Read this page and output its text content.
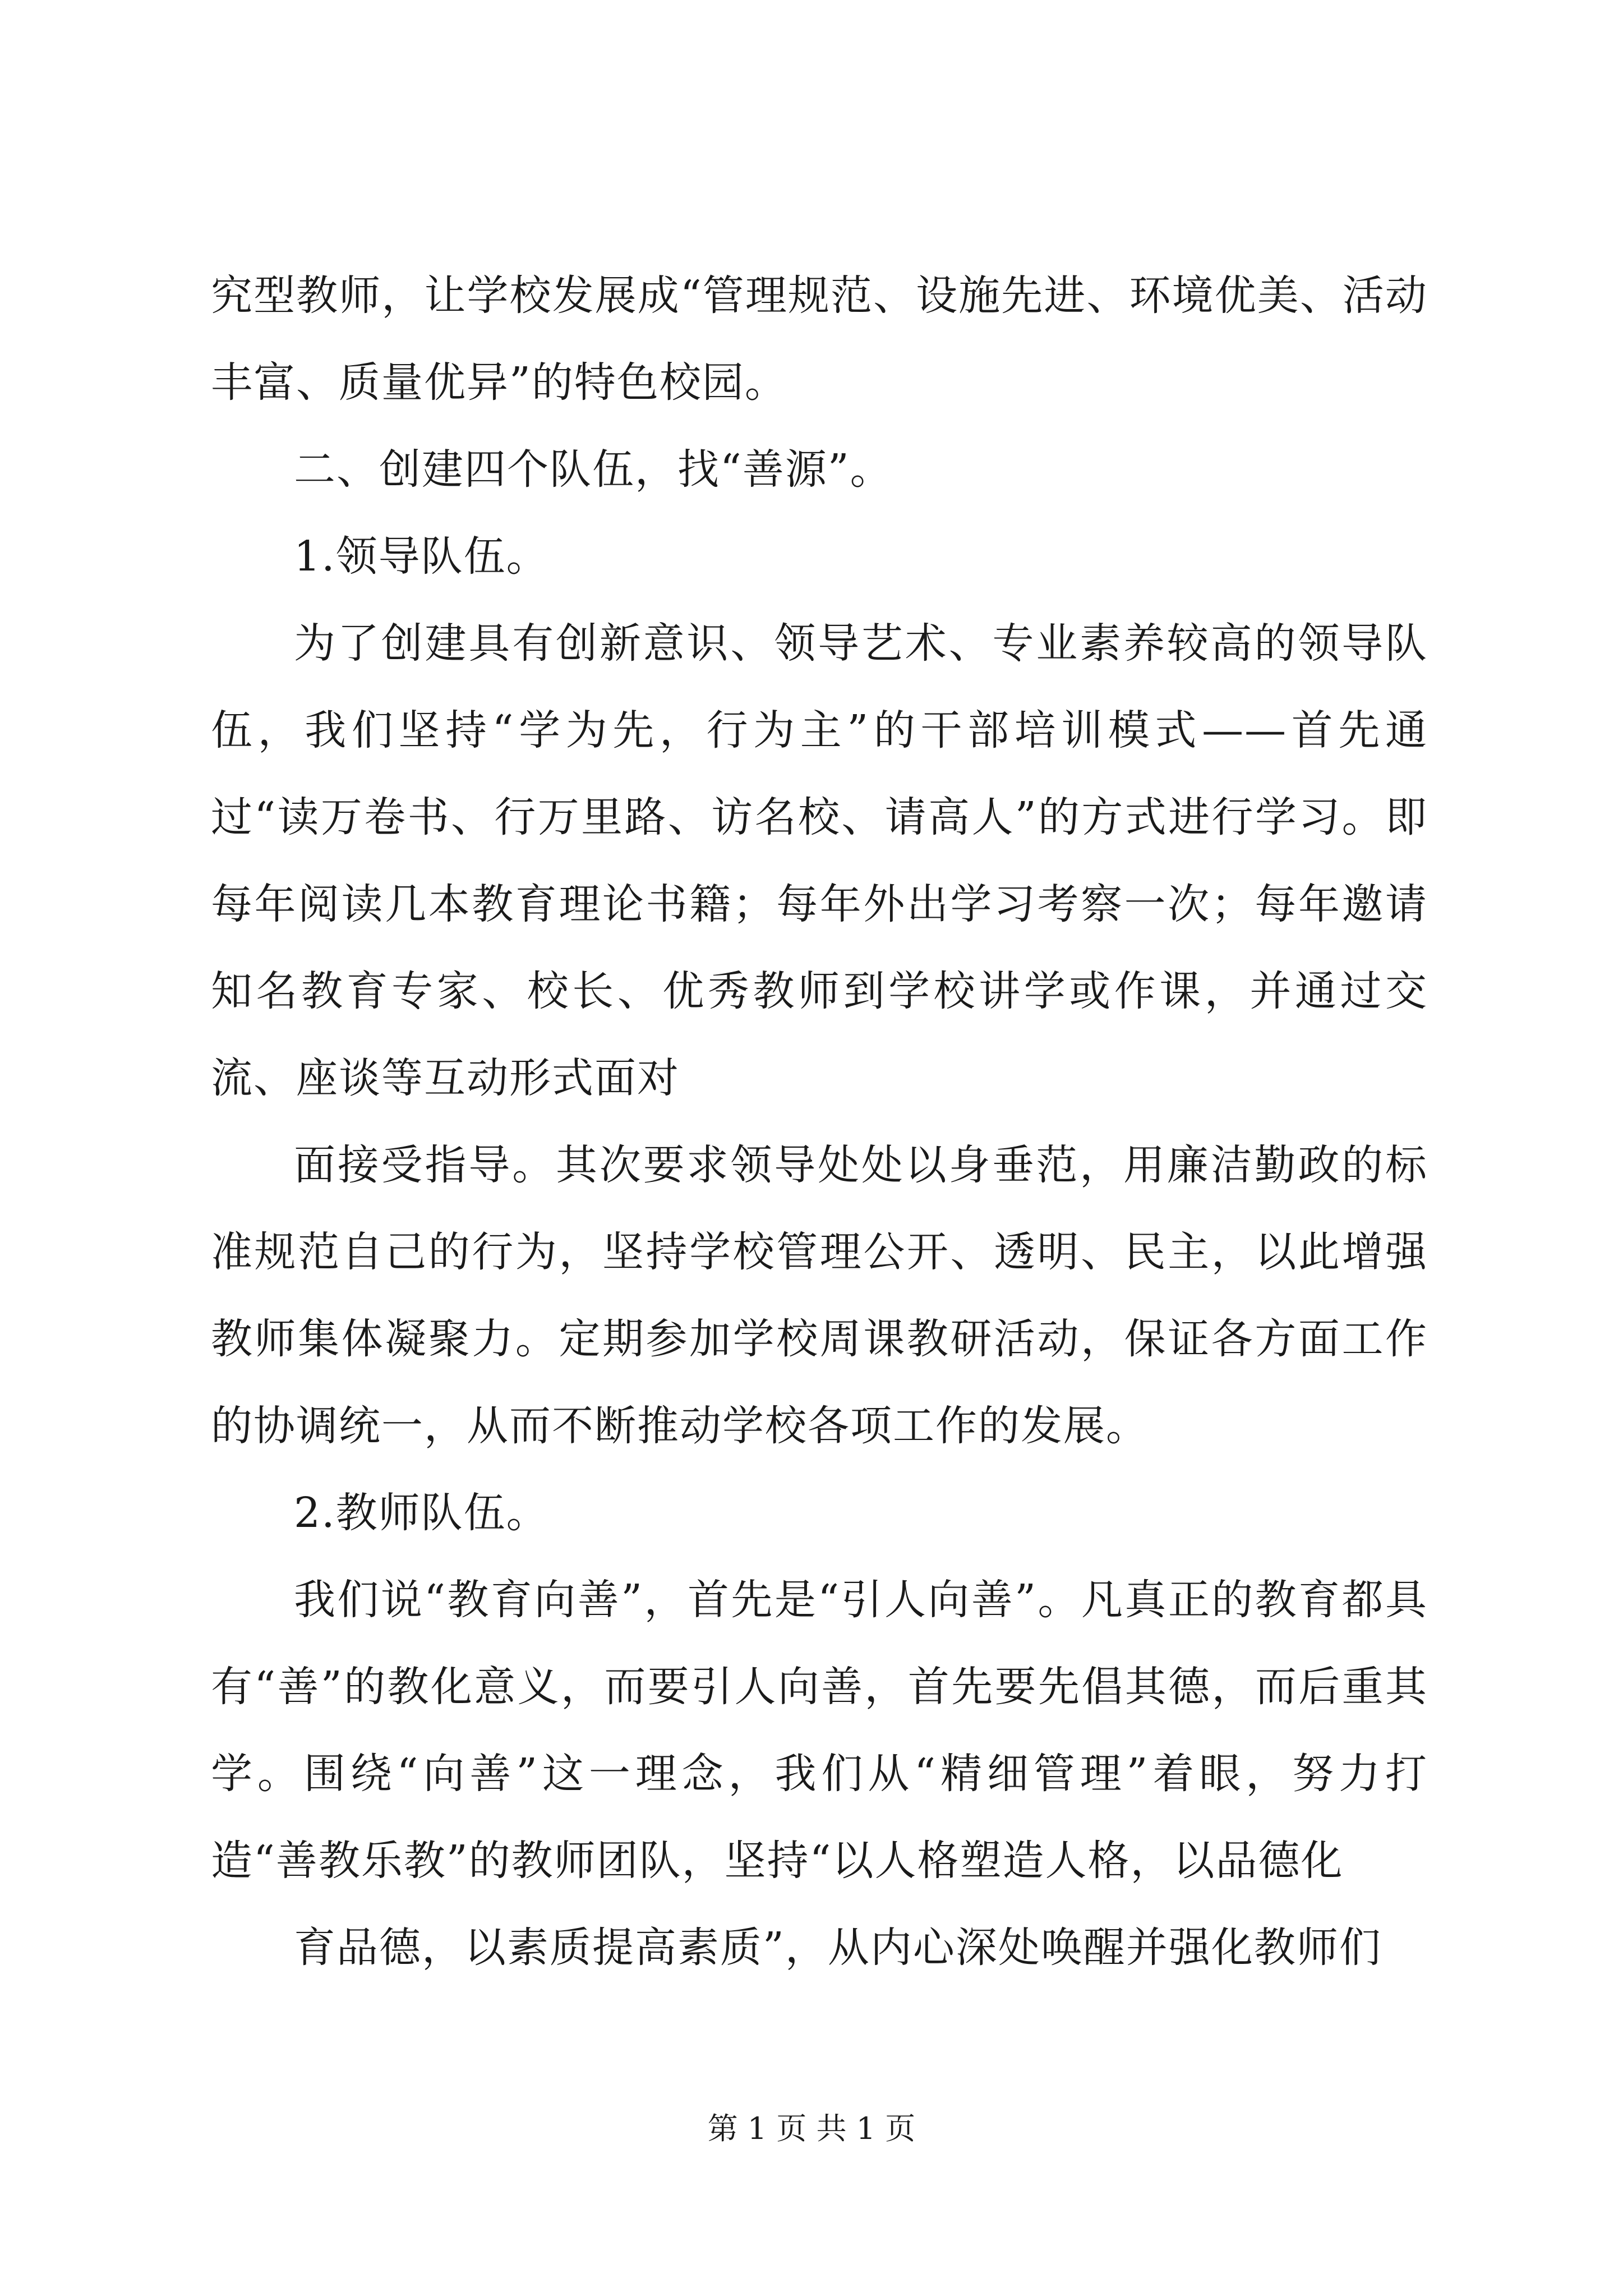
究型教师，让学校发展成“管理规范、设施先进、环境优美、活动丰富、质量优异”的特色校园。

二、创建四个队伍，找“善源”。

1.领导队伍。

为了创建具有创新意识、领导艺术、专业素养较高的领导队伍，我们坚持“学为先，行为主”的干部培训模式——首先通过“读万卷书、行万里路、访名校、请高人”的方式进行学习。即每年阅读几本教育理论书籍；每年外出学习考察一次；每年邀请知名教育专家、校长、优秀教师到学校讲学或作课，并通过交流、座谈等互动形式面对

面接受指导。其次要求领导处处以身垂范，用廉洁勤政的标准规范自己的行为，坚持学校管理公开、透明、民主，以此增强教师集体凝聚力。定期参加学校周课教研活动，保证各方面工作的协调统一，从而不断推动学校各项工作的发展。

2.教师队伍。

我们说“教育向善”，首先是“引人向善”。凡真正的教育都具有“善”的教化意义，而要引人向善，首先要先倡其德，而后重其学。围绕“向善”这一理念，我们从“精细管理”着眼，努力打造“善教乐教”的教师团队，坚持“以人格塑造人格，以品德化

育品德，以素质提高素质”，从内心深处唤醒并强化教师们

第 1 页 共 1 页
